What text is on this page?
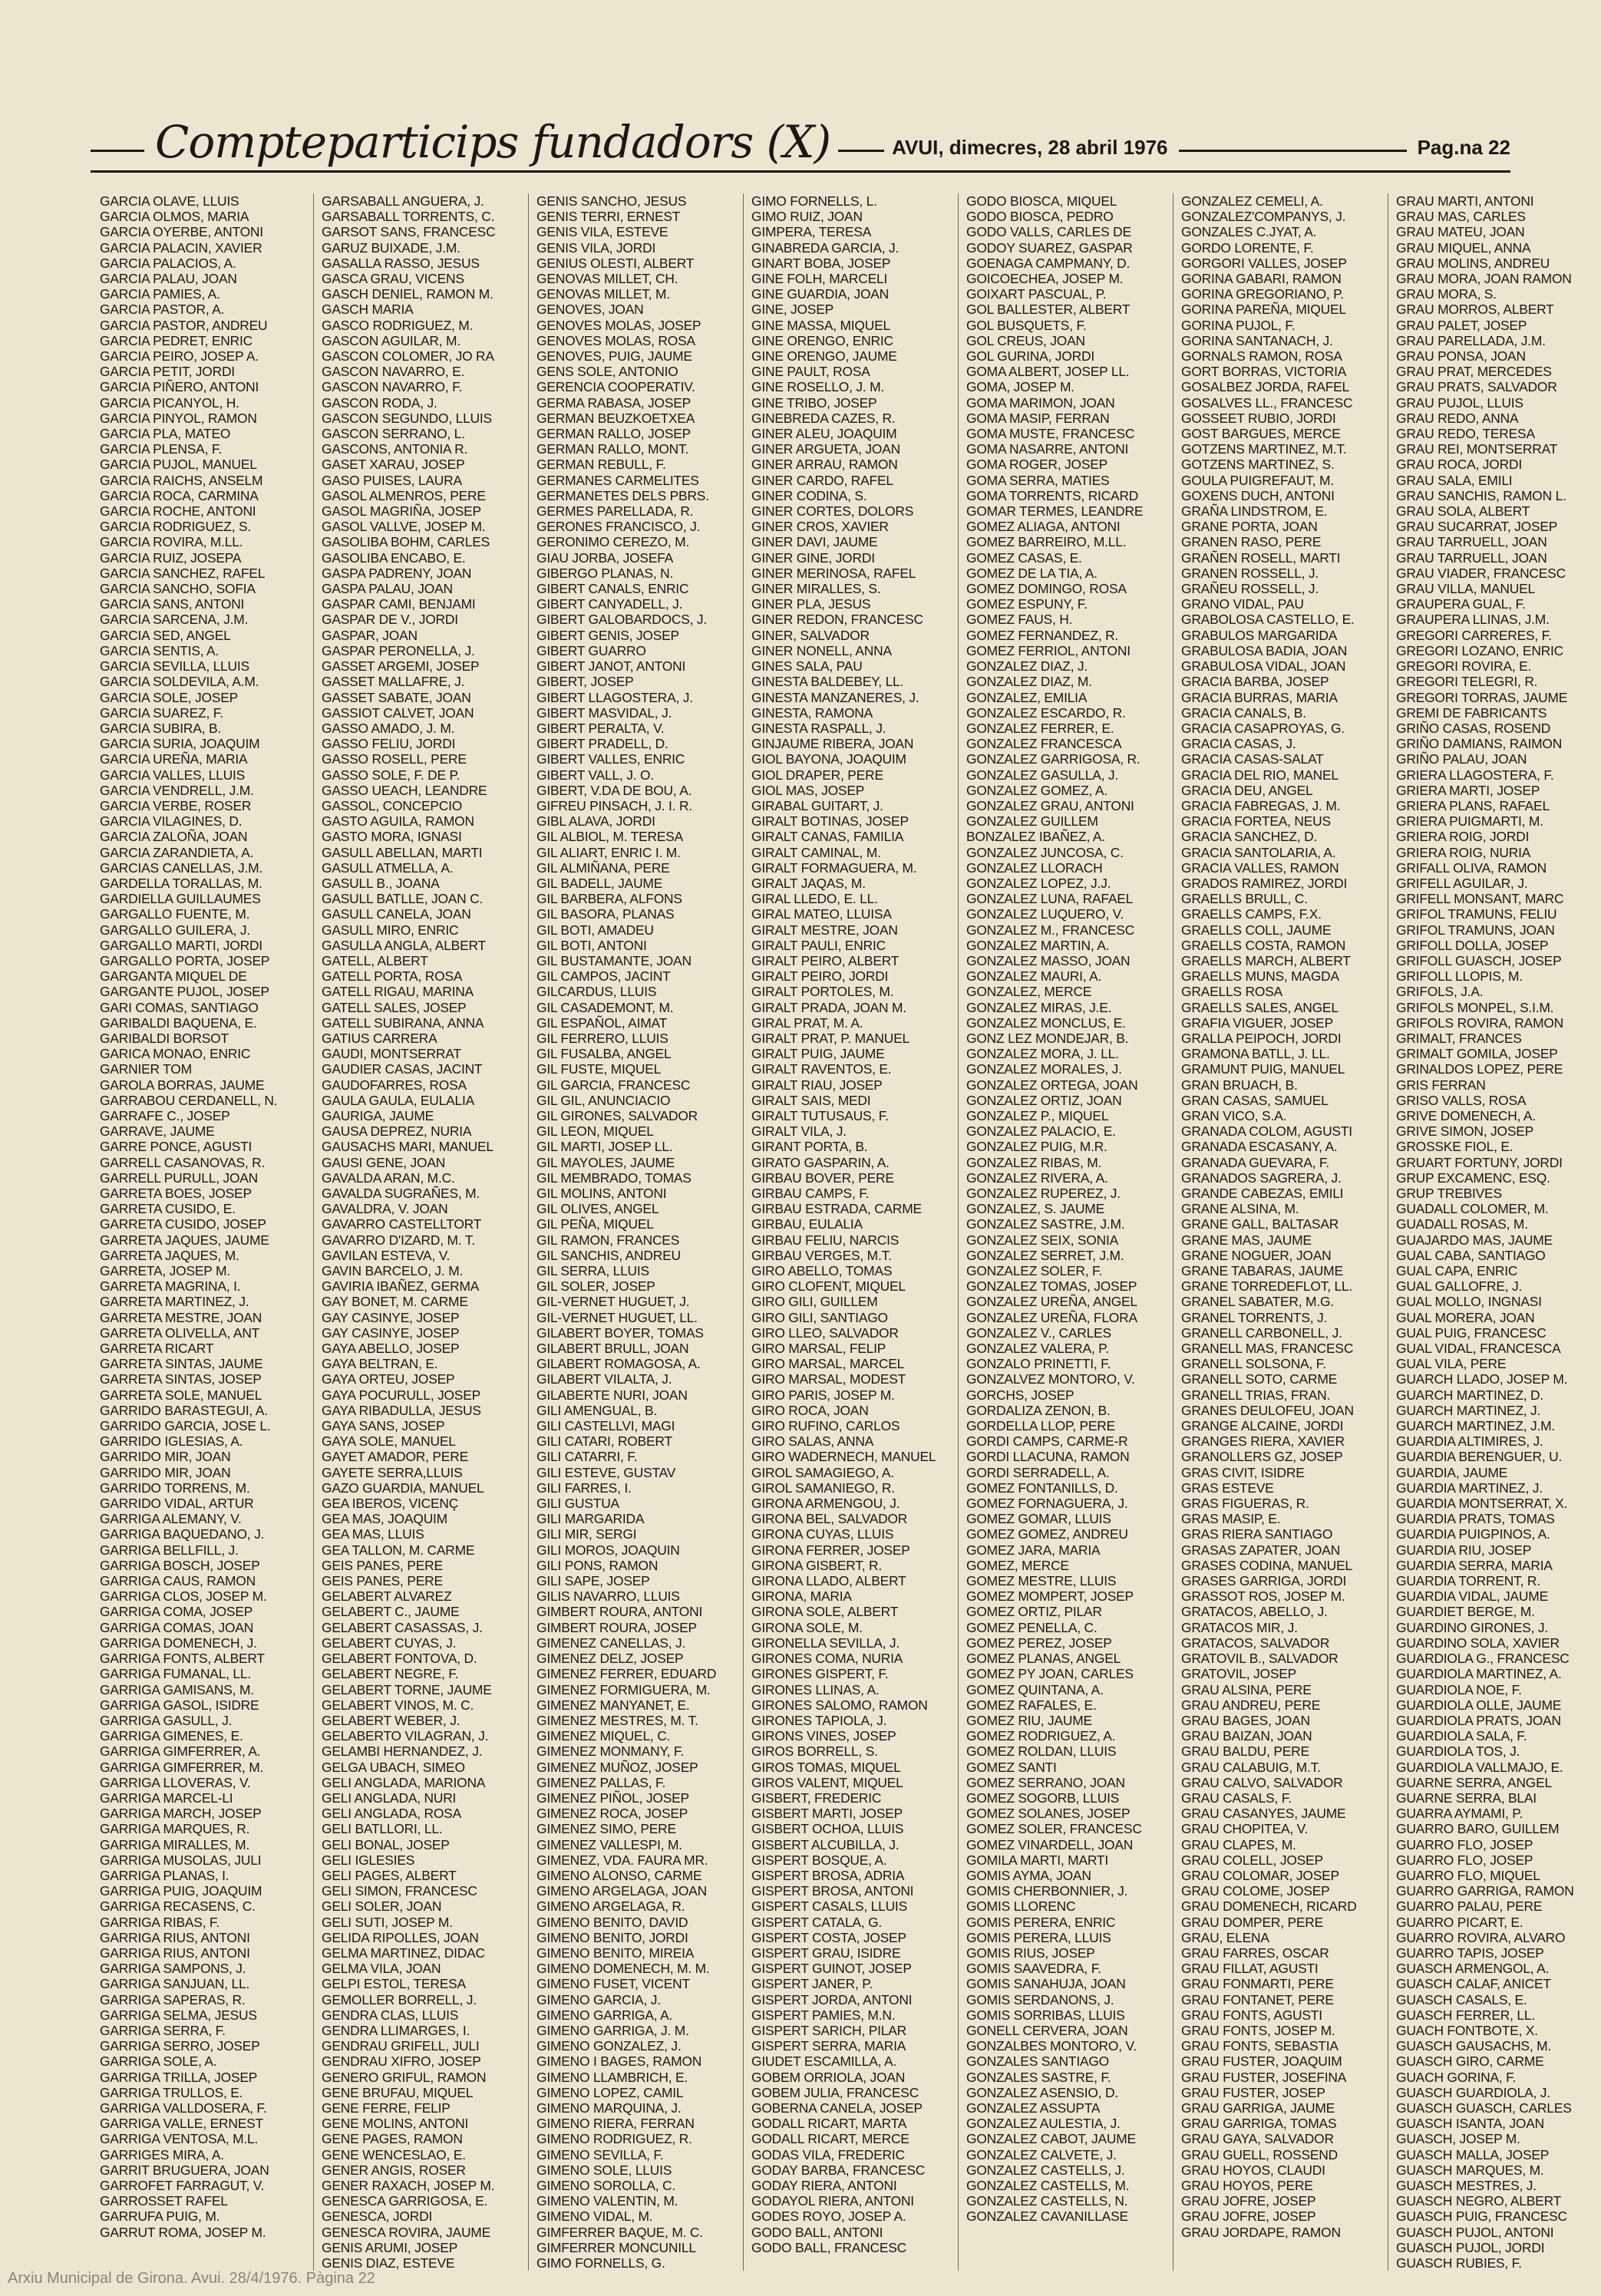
Compteparticips fundadors (X)	AVUI, dimecres, 28 abril 1976	Pag.na 22
GARCIA OLAVE, LLUIS
GARCIA OLMOS, MARIA
GARCIA OYERBE, ANTONI
GARCIA PALACIN, XAVIER
GARCIA PALACIOS, A.
GARCIA PALAU, JOAN
GARCIA PAMIES, A.
GARCIA PASTOR, A.
GARCIA PASTOR, ANDREU
GARCIA PEDRET, ENRIC
GARCIA PEIRO, JOSEP A.
GARCIA PETIT, JORDI
GARCIA PIÑERO, ANTONI
GARCIA PICANYOL, H.
GARCIA PINYOL, RAMON
GARCIA PLA, MATEO
GARCIA PLENSA, F.
GARCIA PUJOL, MANUEL
GARCIA RAICHS, ANSELM
GARCIA ROCA, CARMINA
GARCIA ROCHE, ANTONI
GARCIA RODRIGUEZ, S.
GARCIA ROVIRA, M.LL.
GARCIA RUIZ, JOSEPA
GARCIA SANCHEZ, RAFEL
GARCIA SANCHO, SOFIA
GARCIA SANS, ANTONI
GARCIA SARCENA, J.M.
GARCIA SED, ANGEL
GARCIA SENTIS, A.
GARCIA SEVILLA, LLUIS
GARCIA SOLDEVILA, A.M.
GARCIA SOLE, JOSEP
GARCIA SUAREZ, F.
GARCIA SUBIRA, B.
GARCIA SURIA, JOAQUIM
GARCIA UREÑA, MARIA
GARCIA VALLES, LLUIS
GARCIA VENDRELL, J.M.
GARCIA VERBE, ROSER
GARCIA VILAGINES, D.
GARCIA ZALOÑA, JOAN
GARCIA ZARANDIETA, A.
GARCIAS CANELLAS, J.M.
GARDELLA TORALLAS, M.
GARDIELLA GUILLAUMES
GARGALLO FUENTE, M.
GARGALLO GUILERA, J.
GARGALLO MARTI, JORDI
GARGALLO PORTA, JOSEP
GARGANTA MIQUEL DE
GARGANTE PUJOL, JOSEP
GARI COMAS, SANTIAGO
GARIBALDI BAQUENA, E.
GARIBALDI BORSOT
GARICA MONAO, ENRIC
GARNIER TOM
GAROLA BORRAS, JAUME
GARRABOU CERDANELL, N.
GARRAFE C., JOSEP
GARRAVE, JAUME
GARRE PONCE, AGUSTI
GARRELL CASANOVAS, R.
GARRELL PURULL, JOAN
GARRETA BOES, JOSEP
GARRETA CUSIDO, E.
GARRETA CUSIDO, JOSEP
GARRETA JAQUES, JAUME
GARRETA JAQUES, M.
GARRETA, JOSEP M.
GARRETA MAGRINA, I.
GARRETA MARTINEZ, J.
GARRETA MESTRE, JOAN
GARRETA OLIVELLA, ANT
GARRETA RICART
GARRETA SINTAS, JAUME
GARRETA SINTAS, JOSEP
GARRETA SOLE, MANUEL
GARRIDO BARASTEGUI, A.
GARRIDO GARCIA, JOSE L.
GARRIDO IGLESIAS, A.
GARRIDO MIR, JOAN
GARRIDO MIR, JOAN
GARRIDO TORRENS, M.
GARRIDO VIDAL, ARTUR
GARRIGA ALEMANY, V.
GARRIGA BAQUEDANO, J.
GARRIGA BELLFILL, J.
GARRIGA BOSCH, JOSEP
GARRIGA CAUS, RAMON
GARRIGA CLOS, JOSEP M.
GARRIGA COMA, JOSEP
GARRIGA COMAS, JOAN
GARRIGA DOMENECH, J.
GARRIGA FONTS, ALBERT
GARRIGA FUMANAL, LL.
GARRIGA GAMISANS, M.
GARRIGA GASOL, ISIDRE
GARRIGA GASULL, J.
GARRIGA GIMENES, E.
GARRIGA GIMFERRER, A.
GARRIGA GIMFERRER, M.
GARRIGA LLOVERAS, V.
GARRIGA MARCEL-LI
GARRIGA MARCH, JOSEP
GARRIGA MARQUES, R.
GARRIGA MIRALLES, M.
GARRIGA MUSOLAS, JULI
GARRIGA PLANAS, I.
GARRIGA PUIG, JOAQUIM
GARRIGA RECASENS, C.
GARRIGA RIBAS, F.
GARRIGA RIUS, ANTONI
GARRIGA RIUS, ANTONI
GARRIGA SAMPONS, J.
GARRIGA SANJUAN, LL.
GARRIGA SAPERAS, R.
GARRIGA SELMA, JESUS
GARRIGA SERRA, F.
GARRIGA SERRO, JOSEP
GARRIGA SOLE, A.
GARRIGA TRILLA, JOSEP
GARRIGA TRULLOS, E.
GARRIGA VALLDOSERA, F.
GARRIGA VALLE, ERNEST
GARRIGA VENTOSA, M.L.
GARRIGES MIRA, A.
GARRIT BRUGUERA, JOAN
GARROFET FARRAGUT, V.
GARROSSET RAFEL
GARRUFA PUIG, M.
GARRUT ROMA, JOSEP M.
GARSABALL ANGUERA, J.
GARSABALL TORRENTS, C.
GARSOT SANS, FRANCESC
GARUZ BUIXADE, J.M.
GASALLA RASSO, JESUS
GASCA GRAU, VICENS
GASCH DENIEL, RAMON M.
GASCH MARIA
GASCO RODRIGUEZ, M.
GASCON AGUILAR, M.
GASCON COLOMER, JO RA
GASCON NAVARRO, E.
GASCON NAVARRO, F.
GASCON RODA, J.
GASCON SEGUNDO, LLUIS
GASCON SERRANO, L.
GASCONS, ANTONIA R.
GASET XARAU, JOSEP
GASO PUISES, LAURA
GASOL ALMENROS, PERE
GASOL MAGRIÑA, JOSEP
GASOL VALLVE, JOSEP M.
GASOLIBA BOHM, CARLES
GASOLIBA ENCABO, E.
GASPA PADRENY, JOAN
GASPA PALAU, JOAN
GASPAR CAMI, BENJAMI
GASPAR DE V., JORDI
GASPAR, JOAN
GASPAR PERONELLA, J.
GASSET ARGEMI, JOSEP
GASSET MALLAFRE, J.
GASSET SABATE, JOAN
GASSIOT CALVET, JOAN
GASSO AMADO, J. M.
GASSO FELIU, JORDI
GASSO ROSELL, PERE
GASSO SOLE, F. DE P.
GASSO UEACH, LEANDRE
GASSOL, CONCEPCIO
GASTO AGUILA, RAMON
GASTO MORA, IGNASI
GASULL ABELLAN, MARTI
GASULL ATMELLA, A.
GASULL B., JOANA
GASULL BATLLE, JOAN C.
GASULL CANELA, JOAN
GASULL MIRO, ENRIC
GASULLA ANGLA, ALBERT
GATELL, ALBERT
GATELL PORTA, ROSA
GATELL RIGAU, MARINA
GATELL SALES, JOSEP
GATELL SUBIRANA, ANNA
GATIUS CARRERA
GAUDI, MONTSERRAT
GAUDIER CASAS, JACINT
GAUDOFARRES, ROSA
GAULA GAULA, EULALIA
GAURIGA, JAUME
GAUSA DEPREZ, NURIA
GAUSACHS MARI, MANUEL
GAUSI GENE, JOAN
GAVALDA ARAN, M.C.
GAVALDA SUGRAÑES, M.
GAVALDRA, V. JOAN
GAVARRO CASTELLTORT
GAVARRO D'IZARD, M. T.
GAVILAN ESTEVA, V.
GAVIN BARCELO, J. M.
GAVIRIA IBAÑEZ, GERMA
GAY BONET, M. CARME
GAY CASINYE, JOSEP
GAY CASINYE, JOSEP
GAYA ABELLO, JOSEP
GAYA BELTRAN, E.
GAYA ORTEU, JOSEP
GAYA POCURULL, JOSEP
GAYA RIBADULLA, JESUS
GAYA SANS, JOSEP
GAYA SOLE, MANUEL
GAYET AMADOR, PERE
GAYETE SERRA,LLUIS
GAZO GUARDIA, MANUEL
GEA IBEROS, VICENÇ
GEA MAS, JOAQUIM
GEA MAS, LLUIS
GEA TALLON, M. CARME
GEIS PANES, PERE
GEIS PANES, PERE
GELABERT ALVAREZ
GELABERT C., JAUME
GELABERT CASASSAS, J.
GELABERT CUYAS, J.
GELABERT FONTOVA, D.
GELABERT NEGRE, F.
GELABERT TORNE, JAUME
GELABERT VINOS, M. C.
GELABERT WEBER, J.
GELABERTO VILAGRAN, J.
GELAMBI HERNANDEZ, J.
GELGA UBACH, SIMEO
GELI ANGLADA, MARIONA
GELI ANGLADA, NURI
GELI ANGLADA, ROSA
GELI BATLLORI, LL.
GELI BONAL, JOSEP
GELI IGLESIES
GELI PAGES, ALBERT
GELI SIMON, FRANCESC
GELI SOLER, JOAN
GELI SUTI, JOSEP M.
GELIDA RIPOLLES, JOAN
GELMA MARTINEZ, DIDAC
GELMA VILA, JOAN
GELPI ESTOL, TERESA
GEMOLLER BORRELL, J.
GENDRA CLAS, LLUIS
GENDRA LLIMARGES, I.
GENDRAU GRIFELL, JULI
GENDRAU XIFRO, JOSEP
GENERO GRIFUL, RAMON
GENE BRUFAU, MIQUEL
GENE FERRE, FELIP
GENE MOLINS, ANTONI
GENE PAGES, RAMON
GENE WENCESLAO, E.
GENER ANGIS, ROSER
GENER RAXACH, JOSEP M.
GENESCA GARRIGOSA, E.
GENESCA, JORDI
GENESCA ROVIRA, JAUME
GENIS ARUMI, JOSEP
GENIS DIAZ, ESTEVE
GENIS SANCHO, JESUS
GENIS TERRI, ERNEST
GENIS VILA, ESTEVE
GENIS VILA, JORDI
GENIUS OLESTI, ALBERT
GENOVAS MILLET, CH.
GENOVAS MILLET, M.
GENOVES, JOAN
GENOVES MOLAS, JOSEP
GENOVES MOLAS, ROSA
GENOVES, PUIG, JAUME
GENS SOLE, ANTONIO
GERENCIA COOPERATIV.
GERMA RABASA, JOSEP
GERMAN BEUZKOETXEA
GERMAN RALLO, JOSEP
GERMAN RALLO, MONT.
GERMAN REBULL, F.
GERMANES CARMELITES
GERMANETES DELS PBRS.
GERMES PARELLADA, R.
GERONES FRANCISCO, J.
GERONIMO CEREZO, M.
GIAU JORBA, JOSEFA
GIBERGO PLANAS, N.
GIBERT CANALS, ENRIC
GIBERT CANYADELL, J.
GIBERT GALOBARDOCS, J.
GIBERT GENIS, JOSEP
GIBERT GUARRO
GIBERT JANOT, ANTONI
GIBERT, JOSEP
GIBERT LLAGOSTERA, J.
GIBERT MASVIDAL, J.
GIBERT PERALTA, V.
GIBERT PRADELL, D.
GIBERT VALLES, ENRIC
GIBERT VALL, J. O.
GIBERT, V.DA DE BOU, A.
GIFREU PINSACH, J. I. R.
GIBL ALAVA, JORDI
GIL ALBIOL, M. TERESA
GIL ALIART, ENRIC I. M.
GIL ALMIÑANA, PERE
GIL BADELL, JAUME
GIL BARBERA, ALFONS
GIL BASORA, PLANAS
GIL BOTI, AMADEU
GIL BOTI, ANTONI
GIL BUSTAMANTE, JOAN
GIL CAMPOS, JACINT
GILCARDUS, LLUIS
GIL CASADEMONT, M.
GIL ESPAÑOL, AIMAT
GIL FERRERO, LLUIS
GIL FUSALBA, ANGEL
GIL FUSTE, MIQUEL
GIL GARCIA, FRANCESC
GIL GIL, ANUNCIACIO
GIL GIRONES, SALVADOR
GIL LEON, MIQUEL
GIL MARTI, JOSEP LL.
GIL MAYOLES, JAUME
GIL MEMBRADO, TOMAS
GIL MOLINS, ANTONI
GIL OLIVES, ANGEL
GIL PEÑA, MIQUEL
GIL RAMON, FRANCES
GIL SANCHIS, ANDREU
GIL SERRA, LLUIS
GIL SOLER, JOSEP
GIL-VERNET HUGUET, J.
GIL-VERNET HUGUET, LL.
GILABERT BOYER, TOMAS
GILABERT BRULL, JOAN
GILABERT ROMAGOSA, A.
GILABERT VILALTA, J.
GILABERTE NURI, JOAN
GILI AMENGUAL, B.
GILI CASTELLVI, MAGI
GILI CATARI, ROBERT
GILI CATARRI, F.
GILI ESTEVE, GUSTAV
GILI FARRES, I.
GILI GUSTUA
GILI MARGARIDA
GILI MIR, SERGI
GILI MOROS, JOAQUIN
GILI PONS, RAMON
GILI SAPE, JOSEP
GILIS NAVARRO, LLUIS
GIMBERT ROURA, ANTONI
GIMBERT ROURA, JOSEP
GIMENEZ CANELLAS, J.
GIMENEZ DELZ, JOSEP
GIMENEZ FERRER, EDUARD
GIMENEZ FORMIGUERA, M.
GIMENEZ MANYANET, E.
GIMENEZ MESTRES, M. T.
GIMENEZ MIQUEL, C.
GIMENEZ MONMANY, F.
GIMENEZ MUÑOZ, JOSEP
GIMENEZ PALLAS, F.
GIMENEZ PIÑOL, JOSEP
GIMENEZ ROCA, JOSEP
GIMENEZ SIMO, PERE
GIMENEZ VALLESPI, M.
GIMENEZ, VDA. FAURA MR.
GIMENO ALONSO, CARME
GIMENO ARGELAGA, JOAN
GIMENO ARGELAGA, R.
GIMENO BENITO, DAVID
GIMENO BENITO, JORDI
GIMENO BENITO, MIREIA
GIMENO DOMENECH, M. M.
GIMENO FUSET, VICENT
GIMENO GARCIA, J.
GIMENO GARRIGA, A.
GIMENO GARRIGA, J. M.
GIMENO GONZALEZ, J.
GIMENO I BAGES, RAMON
GIMENO LLAMBRICH, E.
GIMENO LOPEZ, CAMIL
GIMENO MARQUINA, J.
GIMENO RIERA, FERRAN
GIMENO RODRIGUEZ, R.
GIMENO SEVILLA, F.
GIMENO SOLE, LLUIS
GIMENO SOROLLA, C.
GIMENO VALENTIN, M.
GIMENO VIDAL, M.
GIMFERRER BAQUE, M. C.
GIMFERRER MONCUNILL
GIMO FORNELLS, G.
GIMO FORNELLS, L.
GIMO RUIZ, JOAN
GIMPERA, TERESA
GINABREDA GARCIA, J.
GINART BOBA, JOSEP
GINE FOLH, MARCELI
GINE GUARDIA, JOAN
GINE, JOSEP
GINE MASSA, MIQUEL
GINE ORENGO, ENRIC
GINE ORENGO, JAUME
GINE PAULT, ROSA
GINE ROSELLO, J. M.
GINE TRIBO, JOSEP
GINEBREDA CAZES, R.
GINER ALEU, JOAQUIM
GINER ARGUETA, JOAN
GINER ARRAU, RAMON
GINER CARDO, RAFEL
GINER CODINA, S.
GINER CORTES, DOLORS
GINER CROS, XAVIER
GINER DAVI, JAUME
GINER GINE, JORDI
GINER MERINOSA, RAFEL
GINER MIRALLES, S.
GINER PLA, JESUS
GINER REDON, FRANCESC
GINER, SALVADOR
GINER NONELL, ANNA
GINES SALA, PAU
GINESTA BALDEBEY, LL.
GINESTA MANZANERES, J.
GINESTA, RAMONA
GINESTA RASPALL, J.
GINJAUME RIBERA, JOAN
GIOL BAYONA, JOAQUIM
GIOL DRAPER, PERE
GIOL MAS, JOSEP
GIRABAL GUITART, J.
GIRALT BOTINAS, JOSEP
GIRALT CANAS, FAMILIA
GIRALT CAMINAL, M.
GIRALT FORMAGUERA, M.
GIRALT JAQAS, M.
GIRAL LLEDO, E. LL.
GIRAL MATEO, LLUISA
GIRALT MESTRE, JOAN
GIRALT PAULI, ENRIC
GIRALT PEIRO, ALBERT
GIRALT PEIRO, JORDI
GIRALT PORTOLES, M.
GIRALT PRADA, JOAN M.
GIRAL PRAT, M. A.
GIRALT PRAT, P. MANUEL
GIRALT PUIG, JAUME
GIRALT RAVENTOS, E.
GIRALT RIAU, JOSEP
GIRALT SAIS, MEDI
GIRALT TUTUSAUS, F.
GIRALT VILA, J.
GIRANT PORTA, B.
GIRATO GASPARIN, A.
GIRBAU BOVER, PERE
GIRBAU CAMPS, F.
GIRBAU ESTRADA, CARME
GIRBAU, EULALIA
GIRBAU FELIU, NARCIS
GIRBAU VERGES, M.T.
GIRO ABELLO, TOMAS
GIRO CLOFENT, MIQUEL
GIRO GILI, GUILLEM
GIRO GILI, SANTIAGO
GIRO LLEO, SALVADOR
GIRO MARSAL, FELIP
GIRO MARSAL, MARCEL
GIRO MARSAL, MODEST
GIRO PARIS, JOSEP M.
GIRO ROCA, JOAN
GIRO RUFINO, CARLOS
GIRO SALAS, ANNA
GIRO WADERNECH, MANUEL
GIROL SAMAGIEGO, A.
GIROL SAMANIEGO, R.
GIRONA ARMENGOU, J.
GIRONA BEL, SALVADOR
GIRONA CUYAS, LLUIS
GIRONA FERRER, JOSEP
GIRONA GISBERT, R.
GIRONA LLADO, ALBERT
GIRONA, MARIA
GIRONA SOLE, ALBERT
GIRONA SOLE, M.
GIRONELLA SEVILLA, J.
GIRONES COMA, NURIA
GIRONES GISPERT, F.
GIRONES LLINAS, A.
GIRONES SALOMO, RAMON
GIRONES TAPIOLA, J.
GIRONS VINES, JOSEP
GIROS BORRELL, S.
GIROS TOMAS, MIQUEL
GIROS VALENT, MIQUEL
GISBERT, FREDERIC
GISBERT MARTI, JOSEP
GISBERT OCHOA, LLUIS
GISBERT ALCUBILLA, J.
GISPERT BOSQUE, A.
GISPERT BROSA, ADRIA
GISPERT BROSA, ANTONI
GISPERT CASALS, LLUIS
GISPERT CATALA, G.
GISPERT COSTA, JOSEP
GISPERT GRAU, ISIDRE
GISPERT GUINOT, JOSEP
GISPERT JANER, P.
GISPERT JORDA, ANTONI
GISPERT PAMIES, M.N.
GISPERT SARICH, PILAR
GISPERT SERRA, MARIA
GIUDET ESCAMILLA, A.
GOBEM ORRIOLA, JOAN
GOBEM JULIA, FRANCESC
GOBERNA CANELA, JOSEP
GODALL RICART, MARTA
GODALL RICART, MERCE
GODAS VILA, FREDERIC
GODAY BARBA, FRANCESC
GODAY RIERA, ANTONI
GODAYOL RIERA, ANTONI
GODES ROYO, JOSEP A.
GODO BALL, ANTONI
GODO BALL, FRANCESC
GODO BIOSCA, MIQUEL
GODO BIOSCA, PEDRO
GODO VALLS, CARLES DE
GODOY SUAREZ, GASPAR
GOENAGA CAMPMANY, D.
GOICOECHEA, JOSEP M.
GOIXART PASCUAL, P.
GOL BALLESTER, ALBERT
GOL BUSQUETS, F.
GOL CREUS, JOAN
GOL GURINA, JORDI
GOMA ALBERT, JOSEP LL.
GOMA, JOSEP M.
GOMA MARIMON, JOAN
GOMA MASIP, FERRAN
GOMA MUSTE, FRANCESC
GOMA NASARRE, ANTONI
GOMA ROGER, JOSEP
GOMA SERRA, MATIES
GOMA TORRENTS, RICARD
GOMAR TERMES, LEANDRE
GOMEZ ALIAGA, ANTONI
GOMEZ BARREIRO, M.LL.
GOMEZ CASAS, E.
GOMEZ DE LA TIA, A.
GOMEZ DOMINGO, ROSA
GOMEZ ESPUNY, F.
GOMEZ FAUS, H.
GOMEZ FERNANDEZ, R.
GOMEZ FERRIOL, ANTONI
GONZALEZ DIAZ, J.
GONZALEZ DIAZ, M.
GONZALEZ, EMILIA
GONZALEZ ESCARDO, R.
GONZALEZ FERRER, E.
GONZALEZ FRANCESCA
GONZALEZ GARRIGOSA, R.
GONZALEZ GASULLA, J.
GONZALEZ GOMEZ, A.
GONZALEZ GRAU, ANTONI
GONZALEZ GUILLEM
BONZALEZ IBAÑEZ, A.
GONZALEZ JUNCOSA, C.
GONZALEZ LLORACH
GONZALEZ LOPEZ, J.J.
GONZALEZ LUNA, RAFAEL
GONZALEZ LUQUERO, V.
GONZALEZ M., FRANCESC
GONZALEZ MARTIN, A.
GONZALEZ MASSO, JOAN
GONZALEZ MAURI, A.
GONZALEZ, MERCE
GONZALEZ MIRAS, J.E.
GONZALEZ MONCLUS, E.
GONZ LEZ MONDEJAR, B.
GONZALEZ MORA, J. LL.
GONZALEZ MORALES, J.
GONZALEZ ORTEGA, JOAN
GONZALEZ ORTIZ, JOAN
GONZALEZ P., MIQUEL
GONZALEZ PALACIO, E.
GONZALEZ PUIG, M.R.
GONZALEZ RIBAS, M.
GONZALEZ RIVERA, A.
GONZALEZ RUPEREZ, J.
GONZALEZ, S. JAUME
GONZALEZ SASTRE, J.M.
GONZALEZ SEIX, SONIA
GONZALEZ SERRET, J.M.
GONZALEZ SOLER, F.
GONZALEZ TOMAS, JOSEP
GONZALEZ UREÑA, ANGEL
GONZALEZ UREÑA, FLORA
GONZALEZ V., CARLES
GONZALEZ VALERA, P.
GONZALO PRINETTI, F.
GONZALVEZ MONTORO, V.
GORCHS, JOSEP
GORDALIZA ZENON, B.
GORDELLA LLOP, PERE
GORDI CAMPS, CARME-R
GORDI LLACUNA, RAMON
GORDI SERRADELL, A.
GOMEZ FONTANILLS, D.
GOMEZ FORNAGUERA, J.
GOMEZ GOMAR, LLUIS
GOMEZ GOMEZ, ANDREU
GOMEZ JARA, MARIA
GOMEZ, MERCE
GOMEZ MESTRE, LLUIS
GOMEZ MOMPERT, JOSEP
GOMEZ ORTIZ, PILAR
GOMEZ PENELLA, C.
GOMEZ PEREZ, JOSEP
GOMEZ PLANAS, ANGEL
GOMEZ PY JOAN, CARLES
GOMEZ QUINTANA, A.
GOMEZ RAFALES, E.
GOMEZ RIU, JAUME
GOMEZ RODRIGUEZ, A.
GOMEZ ROLDAN, LLUIS
GOMEZ SANTI
GOMEZ SERRANO, JOAN
GOMEZ SOGORB, LLUIS
GOMEZ SOLANES, JOSEP
GOMEZ SOLER, FRANCESC
GOMEZ VINARDELL, JOAN
GOMILA MARTI, MARTI
GOMIS AYMA, JOAN
GOMIS CHERBONNIER, J.
GOMIS LLORENC
GOMIS PERERA, ENRIC
GOMIS PERERA, LLUIS
GOMIS RIUS, JOSEP
GOMIS SAAVEDRA, F.
GOMIS SANAHUJA, JOAN
GOMIS SERDANONS, J.
GOMIS SORRIBAS, LLUIS
GONELL CERVERA, JOAN
GONZALBES MONTORO, V.
GONZALES SANTIAGO
GONZALES SASTRE, F.
GONZALEZ ASENSIO, D.
GONZALEZ ASSUPTA
GONZALEZ AULESTIA, J.
GONZALEZ CABOT, JAUME
GONZALEZ CALVETE, J.
GONZALEZ CASTELLS, J.
GONZALEZ CASTELLS, M.
GONZALEZ CASTELLS, N.
GONZALEZ CAVANILLASE
GONZALEZ CEMELI, A.
GONZALEZ'COMPANYS, J.
GONZALES C.JYAT, A.
GORDO LORENTE, F.
GORGORI VALLES, JOSEP
GORINA GABARI, RAMON
GORINA GREGORIANO, P.
GORINA PAREÑA, MIQUEL
GORINA PUJOL, F.
GORINA SANTANACH, J.
GORNALS RAMON, ROSA
GORT BORRAS, VICTORIA
GOSALBEZ JORDA, RAFEL
GOSALVES LL., FRANCESC
GOSSEET RUBIO, JORDI
GOST BARGUES, MERCE
GOTZENS MARTINEZ, M.T.
GOTZENS MARTINEZ, S.
GOULA PUIGREFAUT, M.
GOXENS DUCH, ANTONI
GRAÑA LINDSTROM, E.
GRANE PORTA, JOAN
GRANEN RASO, PERE
GRAÑEN ROSELL, MARTI
GRANEN ROSSELL, J.
GRAÑEU ROSSELL, J.
GRANO VIDAL, PAU
GRABOLOSA CASTELLO, E.
GRABULOS MARGARIDA
GRABULOSA BADIA, JOAN
GRABULOSA VIDAL, JOAN
GRACIA BARBA, JOSEP
GRACIA BURRAS, MARIA
GRACIA CANALS, B.
GRACIA CASAPROYAS, G.
GRACIA CASAS, J.
GRACIA CASAS-SALAT
GRACIA DEL RIO, MANEL
GRACIA DEU, ANGEL
GRACIA FABREGAS, J. M.
GRACIA FORTEA, NEUS
GRACIA SANCHEZ, D.
GRACIA SANTOLARIA, A.
GRACIA VALLES, RAMON
GRADOS RAMIREZ, JORDI
GRAELLS BRULL, C.
GRAELLS CAMPS, F.X.
GRAELLS COLL, JAUME
GRAELLS COSTA, RAMON
GRAELLS MARCH, ALBERT
GRAELLS MUNS, MAGDA
GRAELLS ROSA
GRAELLS SALES, ANGEL
GRAFIA VIGUER, JOSEP
GRALLA PEIPOCH, JORDI
GRAMONA BATLL, J. LL.
GRAMUNT PUIG, MANUEL
GRAN BRUACH, B.
GRAN CASAS, SAMUEL
GRAN VICO, S.A.
GRANADA COLOM, AGUSTI
GRANADA ESCASANY, A.
GRANADA GUEVARA, F.
GRANADOS SAGRERA, J.
GRANDE CABEZAS, EMILI
GRANE ALSINA, M.
GRANE GALL, BALTASAR
GRANE MAS, JAUME
GRANE NOGUER, JOAN
GRANE TABARAS, JAUME
GRANE TORREDEFLOT, LL.
GRANEL SABATER, M.G.
GRANEL TORRENTS, J.
GRANELL CARBONELL, J.
GRANELL MAS, FRANCESC
GRANELL SOLSONA, F.
GRANELL SOTO, CARME
GRANELL TRIAS, FRAN.
GRANES DEULOFEU, JOAN
GRANGE ALCAINE, JORDI
GRANGES RIERA, XAVIER
GRANOLLERS GZ, JOSEP
GRAS CIVIT, ISIDRE
GRAS ESTEVE
GRAS FIGUERAS, R.
GRAS MASIP, E.
GRAS RIERA SANTIAGO
GRASAS ZAPATER, JOAN
GRASES CODINA, MANUEL
GRASES GARRIGA, JORDI
GRASSOT ROS, JOSEP M.
GRATACOS, ABELLO, J.
GRATACOS MIR, J.
GRATACOS, SALVADOR
GRATOVIL B., SALVADOR
GRATOVIL, JOSEP
GRAU ALSINA, PERE
GRAU ANDREU, PERE
GRAU BAGES, JOAN
GRAU BAIZAN, JOAN
GRAU BALDU, PERE
GRAU CALABUIG, M.T.
GRAU CALVO, SALVADOR
GRAU CASALS, F.
GRAU CASANYES, JAUME
GRAU CHOPITEA, V.
GRAU CLAPES, M.
GRAU COLELL, JOSEP
GRAU COLOMAR, JOSEP
GRAU COLOME, JOSEP
GRAU DOMENECH, RICARD
GRAU DOMPER, PERE
GRAU, ELENA
GRAU FARRES, OSCAR
GRAU FILLAT, AGUSTI
GRAU FONMARTI, PERE
GRAU FONTANET, PERE
GRAU FONTS, AGUSTI
GRAU FONTS, JOSEP M.
GRAU FONTS, SEBASTIA
GRAU FUSTER, JOAQUIM
GRAU FUSTER, JOSEFINA
GRAU FUSTER, JOSEP
GRAU GARRIGA, JAUME
GRAU GARRIGA, TOMAS
GRAU GAYA, SALVADOR
GRAU GUELL, ROSSEND
GRAU HOYOS, CLAUDI
GRAU HOYOS, PERE
GRAU JOFRE, JOSEP
GRAU JOFRE, JOSEP
GRAU JORDAPE, RAMON
GRAU MARTI, ANTONI
GRAU MAS, CARLES
GRAU MATEU, JOAN
GRAU MIQUEL, ANNA
GRAU MOLINS, ANDREU
GRAU MORA, JOAN RAMON
GRAU MORA, S.
GRAU MORROS, ALBERT
GRAU PALET, JOSEP
GRAU PARELLADA, J.M.
GRAU PONSA, JOAN
GRAU PRAT, MERCEDES
GRAU PRATS, SALVADOR
GRAU PUJOL, LLUIS
GRAU REDO, ANNA
GRAU REDO, TERESA
GRAU REI, MONTSERRAT
GRAU ROCA, JORDI
GRAU SALA, EMILI
GRAU SANCHIS, RAMON L.
GRAU SOLA, ALBERT
GRAU SUCARRAT, JOSEP
GRAU TARRUELL, JOAN
GRAU TARRUELL, JOAN
GRAU VIADER, FRANCESC
GRAU VILLA, MANUEL
GRAUPERA GUAL, F.
GRAUPERA LLINAS, J.M.
GREGORI CARRERES, F.
GREGORI LOZANO, ENRIC
GREGORI ROVIRA, E.
GREGORI TELEGRI, R.
GREGORI TORRAS, JAUME
GREMI DE FABRICANTS
GRIÑO CASAS, ROSEND
GRIÑO DAMIANS, RAIMON
GRIÑO PALAU, JOAN
GRIERA LLAGOSTERA, F.
GRIERA MARTI, JOSEP
GRIERA PLANS, RAFAEL
GRIERA PUIGMARTI, M.
GRIERA ROIG, JORDI
GRIERA ROIG, NURIA
GRIFALL OLIVA, RAMON
GRIFELL AGUILAR, J.
GRIFELL MONSANT, MARC
GRIFOL TRAMUNS, FELIU
GRIFOL TRAMUNS, JOAN
GRIFOLL DOLLA, JOSEP
GRIFOLL GUASCH, JOSEP
GRIFOLL LLOPIS, M.
GRIFOLS, J.A.
GRIFOLS MONPEL, S.I.M.
GRIFOLS ROVIRA, RAMON
GRIMALT, FRANCES
GRIMALT GOMILA, JOSEP
GRINALDOS LOPEZ, PERE
GRIS FERRAN
GRISO VALLS, ROSA
GRIVE DOMENECH, A.
GRIVE SIMON, JOSEP
GROSSKE FIOL, E.
GRUART FORTUNY, JORDI
GRUP EXCAMENC, ESQ.
GRUP TREBIVES
GUADALL COLOMER, M.
GUADALL ROSAS, M.
GUAJARDO MAS, JAUME
GUAL CABA, SANTIAGO
GUAL CAPA, ENRIC
GUAL GALLOFRE, J.
GUAL MOLLO, INGNASI
GUAL MORERA, JOAN
GUAL PUIG, FRANCESC
GUAL VIDAL, FRANCESCA
GUAL VILA, PERE
GUARCH LLADO, JOSEP M.
GUARCH MARTINEZ, D.
GUARCH MARTINEZ, J.
GUARCH MARTINEZ, J.M.
GUARDIA ALTIMIRES, J.
GUARDIA BERENGUER, U.
GUARDIA, JAUME
GUARDIA MARTINEZ, J.
GUARDIA MONTSERRAT, X.
GUARDIA PRATS, TOMAS
GUARDIA PUIGPINOS, A.
GUARDIA RIU, JOSEP
GUARDIA SERRA, MARIA
GUARDIA TORRENT, R.
GUARDIA VIDAL, JAUME
GUARDIET BERGE, M.
GUARDINO GIRONES, J.
GUARDINO SOLA, XAVIER
GUARDIOLA G., FRANCESC
GUARDIOLA MARTINEZ, A.
GUARDIOLA NOE, F.
GUARDIOLA OLLE, JAUME
GUARDIOLA PRATS, JOAN
GUARDIOLA SALA, F.
GUARDIOLA TOS, J.
GUARDIOLA VALLMAJO, E.
GUARNE SERRA, ANGEL
GUARNE SERRA, BLAI
GUARRA AYMAMI, P.
GUARRO BARO, GUILLEM
GUARRO FLO, JOSEP
GUARRO FLO, JOSEP
GUARRO FLO, MIQUEL
GUARRO GARRIGA, RAMON
GUARRO PALAU, PERE
GUARRO PICART, E.
GUARRO ROVIRA, ALVARO
GUARRO TAPIS, JOSEP
GUASCH ARMENGOL, A.
GUASCH CALAF, ANICET
GUASCH CASALS, E.
GUASCH FERRER, LL.
GUACH FONTBOTE, X.
GUASCH GAUSACHS, M.
GUASCH GIRO, CARME
GUACH GORINA, F.
GUASCH GUARDIOLA, J.
GUASCH GUASCH, CARLES
GUASCH ISANTA, JOAN
GUASCH, JOSEP M.
GUASCH MALLA, JOSEP
GUASCH MARQUES, M.
GUASCH MESTRES, J.
GUASCH NEGRO, ALBERT
GUASCH PUIG, FRANCESC
GUASCH PUJOL, ANTONI
GUASCH PUJOL, JORDI
GUASCH RUBIES, F.
Arxiu Municipal de Girona. Avui. 28/4/1976. Pàgina 22
